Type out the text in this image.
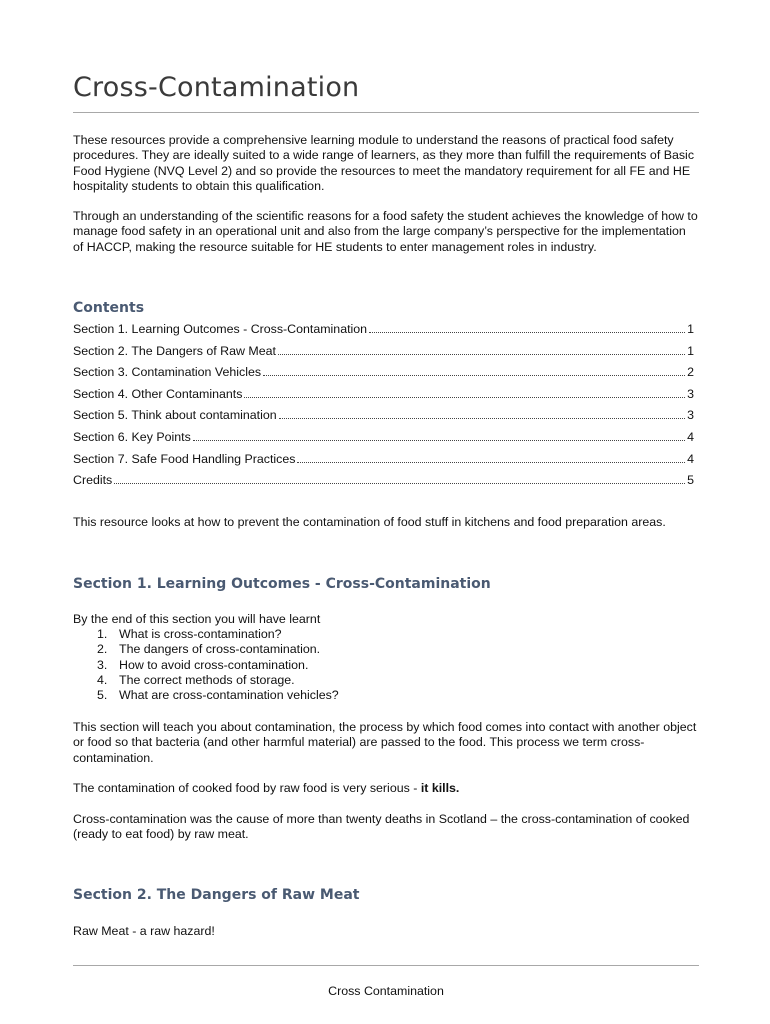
Cross-Contamination

These resources provide a comprehensive learning module to understand the reasons of practical food safety procedures. They are ideally suited to a wide range of learners, as they more than fulfill the requirements of Basic Food Hygiene (NVQ Level 2) and so provide the resources to meet the mandatory requirement for all FE and HE hospitality students to obtain this qualification.

Through an understanding of the scientific reasons for a food safety the student achieves the knowledge of how to manage food safety in an operational unit and also from the large company’s perspective for the implementation of HACCP, making the resource suitable for HE students to enter management roles in industry.

Contents
Section 1. Learning Outcomes - Cross-Contamination	1
Section 2. The Dangers of Raw Meat	1
Section 3. Contamination Vehicles	2
Section 4. Other Contaminants	3
Section 5. Think about contamination	3
Section 6. Key Points	4
Section 7. Safe Food Handling Practices	4
Credits	5

This resource looks at how to prevent the contamination of food stuff in kitchens and food preparation areas.

Section 1. Learning Outcomes - Cross-Contamination

By the end of this section you will have learnt

1. What is cross-contamination?
2. The dangers of cross-contamination.
3. How to avoid cross-contamination.
4. The correct methods of storage.
5. What are cross-contamination vehicles?

This section will teach you about contamination, the process by which food comes into contact with another object or food so that bacteria (and other harmful material) are passed to the food. This process we term cross-contamination.

The contamination of cooked food by raw food is very serious - it kills.

Cross-contamination was the cause of more than twenty deaths in Scotland – the cross-contamination of cooked (ready to eat food) by raw meat.

Section 2. The Dangers of Raw Meat

Raw Meat - a raw hazard!

Cross Contamination
